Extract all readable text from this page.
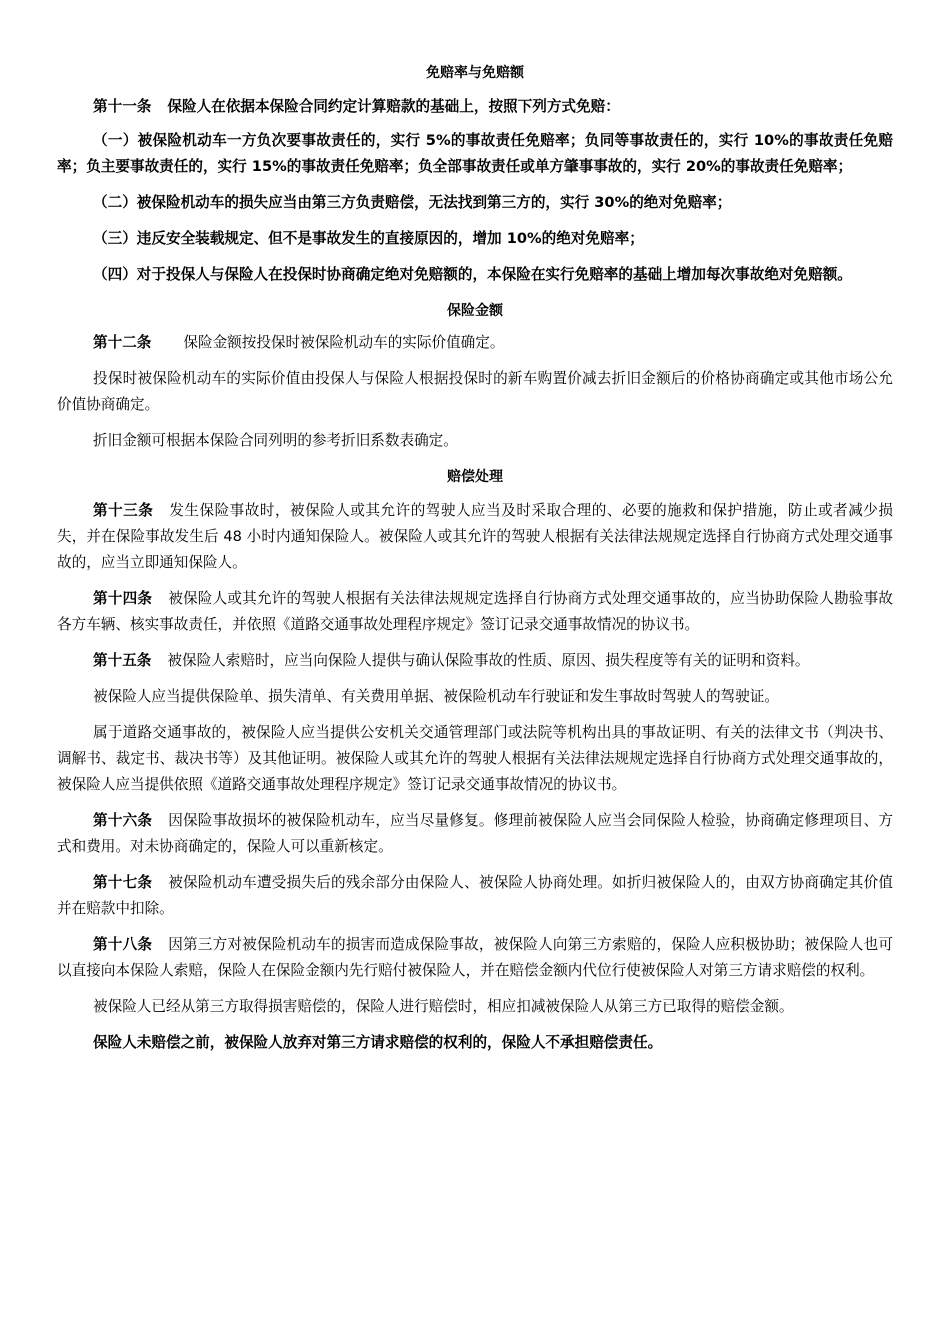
免赔率与免赔额
第十一条 保险人在依据本保险合同约定计算赔款的基础上，按照下列方式免赔：
（一）被保险机动车一方负次要事故责任的，实行 5%的事故责任免赔率；负同等事故责任的，实行 10%的事故责任免赔率；负主要事故责任的，实行 15%的事故责任免赔率；负全部事故责任或单方肇事事故的，实行 20%的事故责任免赔率；
（二）被保险机动车的损失应当由第三方负责赔偿，无法找到第三方的，实行 30%的绝对免赔率；
（三）违反安全装载规定、但不是事故发生的直接原因的，增加 10%的绝对免赔率；
（四）对于投保人与保险人在投保时协商确定绝对免赔额的，本保险在实行免赔率的基础上增加每次事故绝对免赔额。
保险金额
第十二条 保险金额按投保时被保险机动车的实际价值确定。
投保时被保险机动车的实际价值由投保人与保险人根据投保时的新车购置价减去折旧金额后的价格协商确定或其他市场公允价值协商确定。
折旧金额可根据本保险合同列明的参考折旧系数表确定。
赔偿处理
第十三条 发生保险事故时，被保险人或其允许的驾驶人应当及时采取合理的、必要的施救和保护措施，防止或者减少损失，并在保险事故发生后 48 小时内通知保险人。被保险人或其允许的驾驶人根据有关法律法规规定选择自行协商方式处理交通事故的，应当立即通知保险人。
第十四条 被保险人或其允许的驾驶人根据有关法律法规规定选择自行协商方式处理交通事故的，应当协助保险人勘验事故各方车辆、核实事故责任，并依照《道路交通事故处理程序规定》签订记录交通事故情况的协议书。
第十五条 被保险人索赔时，应当向保险人提供与确认保险事故的性质、原因、损失程度等有关的证明和资料。
被保险人应当提供保险单、损失清单、有关费用单据、被保险机动车行驶证和发生事故时驾驶人的驾驶证。
属于道路交通事故的，被保险人应当提供公安机关交通管理部门或法院等机构出具的事故证明、有关的法律文书（判决书、调解书、裁定书、裁决书等）及其他证明。被保险人或其允许的驾驶人根据有关法律法规规定选择自行协商方式处理交通事故的，被保险人应当提供依照《道路交通事故处理程序规定》签订记录交通事故情况的协议书。
第十六条 因保险事故损坏的被保险机动车，应当尽量修复。修理前被保险人应当会同保险人检验，协商确定修理项目、方式和费用。对未协商确定的，保险人可以重新核定。
第十七条 被保险机动车遭受损失后的残余部分由保险人、被保险人协商处理。如折归被保险人的，由双方协商确定其价值并在赔款中扣除。
第十八条 因第三方对被保险机动车的损害而造成保险事故，被保险人向第三方索赔的，保险人应积极协助；被保险人也可以直接向本保险人索赔，保险人在保险金额内先行赔付被保险人，并在赔偿金额内代位行使被保险人对第三方请求赔偿的权利。
被保险人已经从第三方取得损害赔偿的，保险人进行赔偿时，相应扣减被保险人从第三方已取得的赔偿金额。
保险人未赔偿之前，被保险人放弃对第三方请求赔偿的权利的，保险人不承担赔偿责任。
